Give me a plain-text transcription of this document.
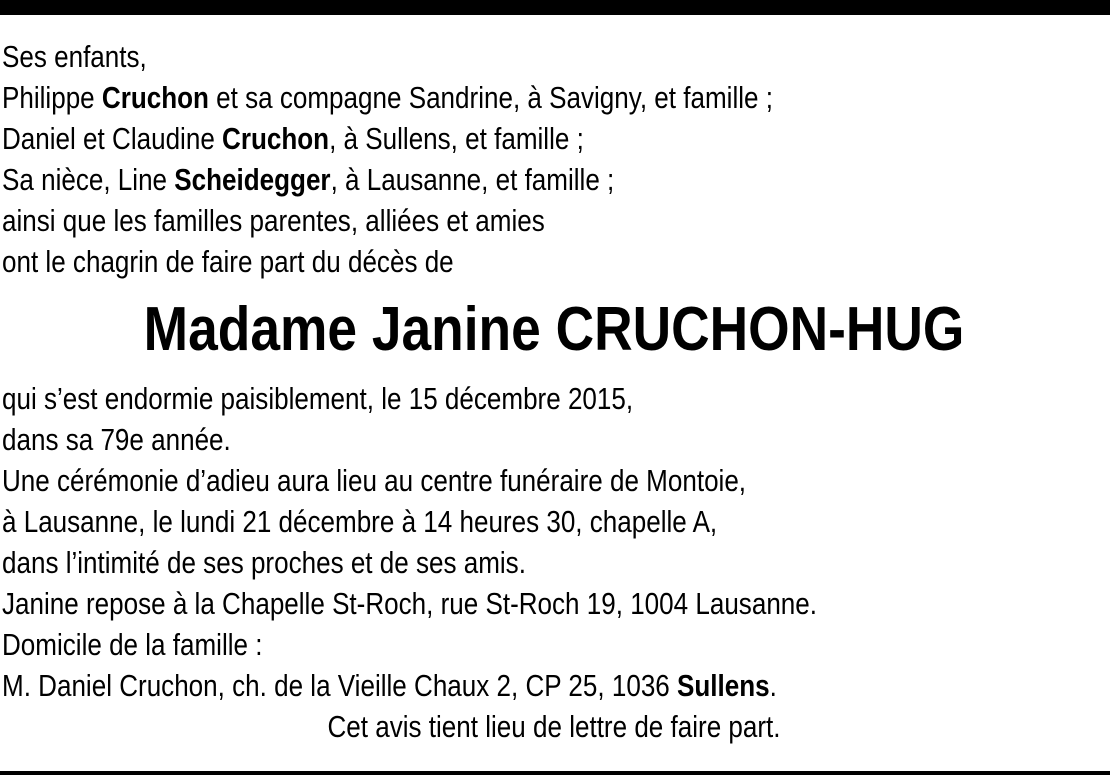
Ses enfants,
Philippe Cruchon et sa compagne Sandrine, à Savigny, et famille ;
Daniel et Claudine Cruchon, à Sullens, et famille ;
Sa nièce, Line Scheidegger, à Lausanne, et famille ;
ainsi que les familles parentes, alliées et amies
ont le chagrin de faire part du décès de
Madame Janine CRUCHON-HUG
qui s’est endormie paisiblement, le 15 décembre 2015,
dans sa 79e année.
Une cérémonie d’adieu aura lieu au centre funéraire de Montoie,
à Lausanne, le lundi 21 décembre à 14 heures 30, chapelle A,
dans l’intimité de ses proches et de ses amis.
Janine repose à la Chapelle St-Roch, rue St-Roch 19, 1004 Lausanne.
Domicile de la famille :
M. Daniel Cruchon, ch. de la Vieille Chaux 2, CP 25, 1036 Sullens.
Cet avis tient lieu de lettre de faire part.
